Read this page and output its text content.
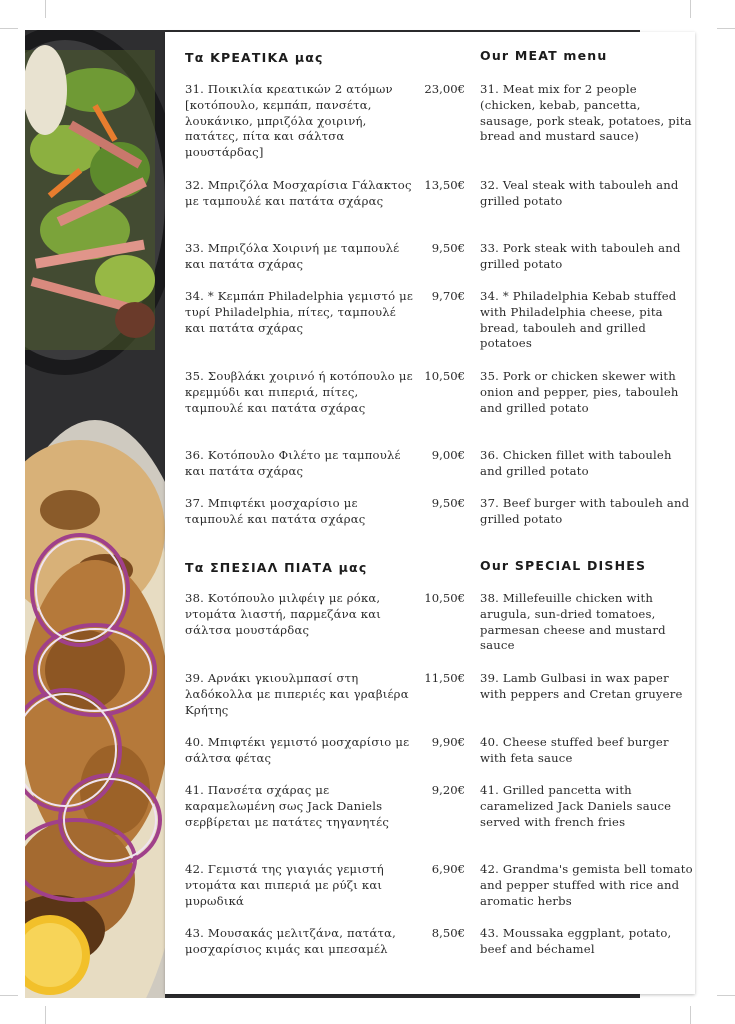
Τα ΚΡΕΑΤΙΚΑ μας	Our MEAT menu
31. Ποικιλία κρεατικών 2 ατόμων [κοτόπουλο, κεμπάπ, πανσέτα, λουκάνικο, μπριζόλα χοιρινή, πατάτες, πίτα και σάλτσα μουστάρδας]
23,00€ 31. Meat mix for 2 people (chicken, kebab, pancetta, sausage, pork steak, potatoes, pita bread and mustard sauce)
32. Μπριζόλα Μοσχαρίσια Γάλακτος με ταμπουλέ και πατάτα σχάρας
13,50€ 32. Veal steak with tabouleh and grilled potato
33. Μπριζόλα Χοιρινή με ταμπουλέ και πατάτα σχάρας
9,50€ 33. Pork steak with tabouleh and grilled potato
34. * Κεμπάπ Philadelphia γεμιστό με τυρί Philadelphia, πίτες, ταμπουλέ και πατάτα σχάρας
9,70€ 34. * Philadelphia Kebab stuffed with Philadelphia cheese, pita bread, tabouleh and grilled potatoes
35. Σουβλάκι χοιρινό ή κοτόπουλο με κρεμμύδι και πιπεριά, πίτες, ταμπουλέ και πατάτα σχάρας
10,50€ 35. Pork or chicken skewer with onion and pepper, pies, tabouleh and grilled potato
36. Κοτόπουλο Φιλέτο με ταμπουλέ και πατάτα σχάρας
9,00€ 36. Chicken fillet with tabouleh and grilled potato
37. Μπιφτέκι μοσχαρίσιο με ταμπουλέ και πατάτα σχάρας
9,50€ 37. Beef burger with tabouleh and grilled potato
Τα ΣΠΕΣΙΑΛ ΠΙΑΤΑ μας	Our SPECIAL DISHES
38. Κοτόπουλο μιλφέιγ με ρόκα, ντομάτα λιαστή, παρμεζάνα και σάλτσα μουστάρδας
10,50€ 38. Millefeuille chicken with arugula, sun-dried tomatoes, parmesan cheese and mustard sauce
39. Αρνάκι γκιουλμπασί στη λαδόκολλα με πιπεριές και γραβιέρα Κρήτης
11,50€ 39. Lamb Gulbasi in wax paper with peppers and Cretan gruyere
40. Μπιφτέκι γεμιστό μοσχαρίσιο με σάλτσα φέτας
9,90€ 40. Cheese stuffed beef burger with feta sauce
41. Πανσέτα σχάρας με καραμελωμένη σως Jack Daniels σερβίρεται με πατάτες τηγανητές
9,20€ 41. Grilled pancetta with caramelized Jack Daniels sauce served with french fries
42. Γεμιστά της γιαγιάς γεμιστή ντομάτα και πιπεριά με ρύζι και μυρωδικά
6,90€ 42. Grandma's gemista bell tomato and pepper stuffed with rice and aromatic herbs
43. Μουσακάς μελιτζάνα, πατάτα, μοσχαρίσιος κιμάς και μπεσαμέλ
8,50€ 43. Moussaka eggplant, potato, beef and béchamel
